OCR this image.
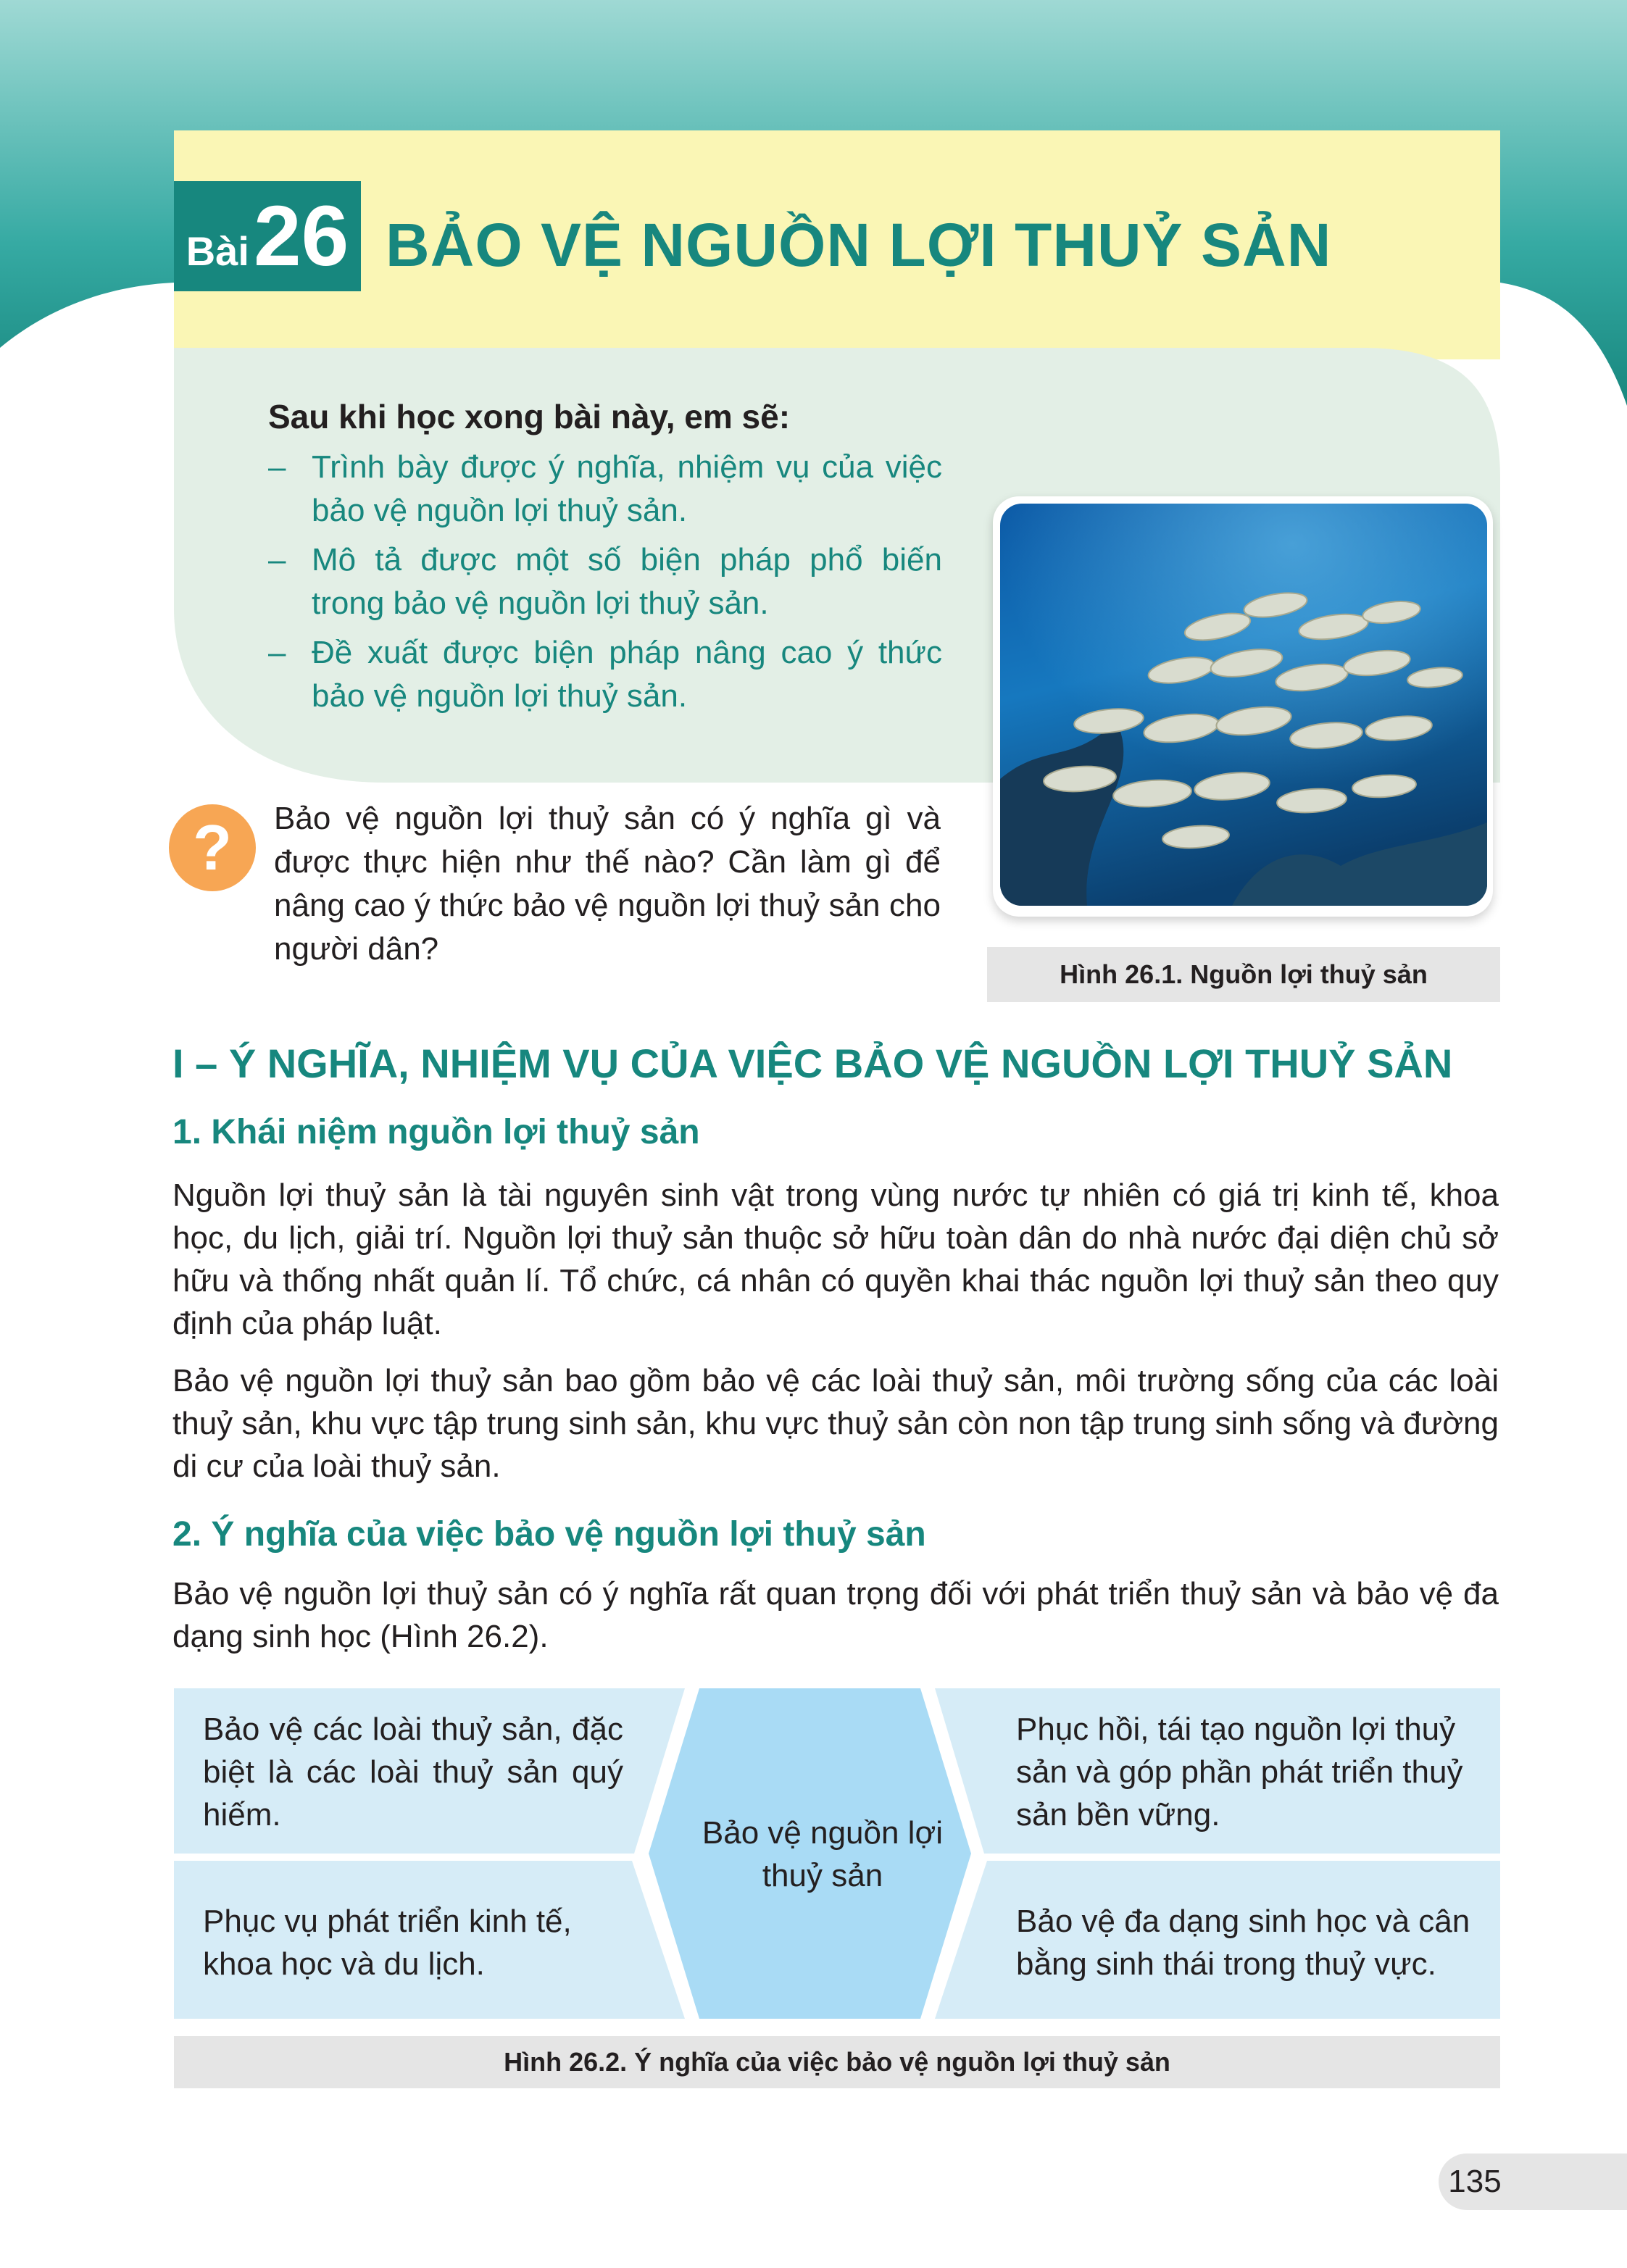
Bài 26 BẢO VỆ NGUỒN LỢI THUỶ SẢN
Sau khi học xong bài này, em sẽ:
– Trình bày được ý nghĩa, nhiệm vụ của việc bảo vệ nguồn lợi thuỷ sản.
– Mô tả được một số biện pháp phổ biến trong bảo vệ nguồn lợi thuỷ sản.
– Đề xuất được biện pháp nâng cao ý thức bảo vệ nguồn lợi thuỷ sản.
Hình 26.1. Nguồn lợi thuỷ sản
?	Bảo vệ nguồn lợi thuỷ sản có ý nghĩa gì và được thực hiện như thế nào? Cần làm gì để nâng cao ý thức bảo vệ nguồn lợi thuỷ sản cho người dân?
I – Ý NGHĨA, NHIỆM VỤ CỦA VIỆC BẢO VỆ NGUỒN LỢI THUỶ SẢN
1. Khái niệm nguồn lợi thuỷ sản
Nguồn lợi thuỷ sản là tài nguyên sinh vật trong vùng nước tự nhiên có giá trị kinh tế, khoa học, du lịch, giải trí. Nguồn lợi thuỷ sản thuộc sở hữu toàn dân do nhà nước đại diện chủ sở hữu và thống nhất quản lí. Tổ chức, cá nhân có quyền khai thác nguồn lợi thuỷ sản theo quy định của pháp luật.
Bảo vệ nguồn lợi thuỷ sản bao gồm bảo vệ các loài thuỷ sản, môi trường sống của các loài thuỷ sản, khu vực tập trung sinh sản, khu vực thuỷ sản còn non tập trung sinh sống và đường di cư của loài thuỷ sản.
2. Ý nghĩa của việc bảo vệ nguồn lợi thuỷ sản
Bảo vệ nguồn lợi thuỷ sản có ý nghĩa rất quan trọng đối với phát triển thuỷ sản và bảo vệ đa dạng sinh học (Hình 26.2).
Bảo vệ các loài thuỷ sản, đặc biệt là các loài thuỷ sản quý hiếm.
Phục vụ phát triển kinh tế, khoa học và du lịch.
Bảo vệ nguồn lợi thuỷ sản
Phục hồi, tái tạo nguồn lợi thuỷ sản và góp phần phát triển thuỷ sản bền vững.
Bảo vệ đa dạng sinh học và cân bằng sinh thái trong thuỷ vực.
Hình 26.2. Ý nghĩa của việc bảo vệ nguồn lợi thuỷ sản
135
